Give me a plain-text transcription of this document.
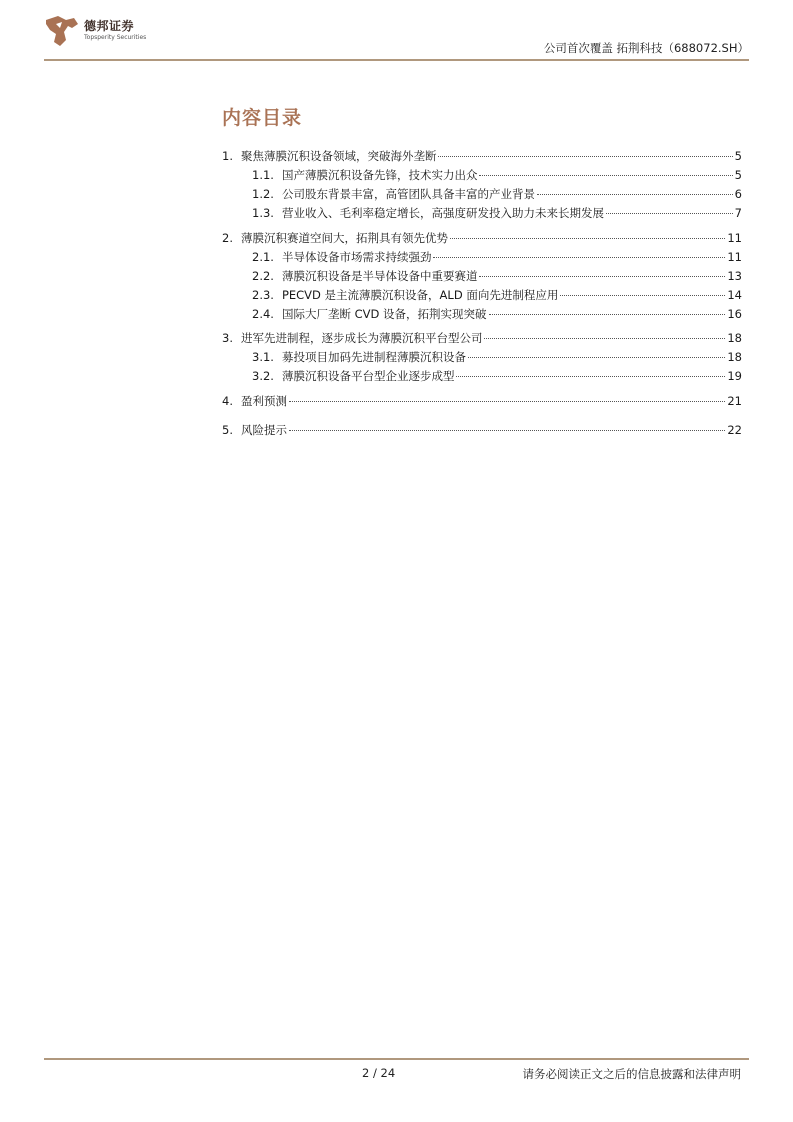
德邦证券
Topsperity Securities
公司首次覆盖 拓荆科技（688072.SH）
内容目录
1. 聚焦薄膜沉积设备领域，突破海外垄断	5
1.1. 国产薄膜沉积设备先锋，技术实力出众	5
1.2. 公司股东背景丰富，高管团队具备丰富的产业背景	6
1.3. 营业收入、毛利率稳定增长，高强度研发投入助力未来长期发展	7
2. 薄膜沉积赛道空间大，拓荆具有领先优势	11
2.1. 半导体设备市场需求持续强劲	11
2.2. 薄膜沉积设备是半导体设备中重要赛道	13
2.3. PECVD 是主流薄膜沉积设备，ALD 面向先进制程应用	14
2.4. 国际大厂垄断 CVD 设备，拓荆实现突破	16
3. 进军先进制程，逐步成长为薄膜沉积平台型公司	18
3.1. 募投项目加码先进制程薄膜沉积设备	18
3.2. 薄膜沉积设备平台型企业逐步成型	19
4. 盈利预测	21
5. 风险提示	22
2 / 24	请务必阅读正文之后的信息披露和法律声明
